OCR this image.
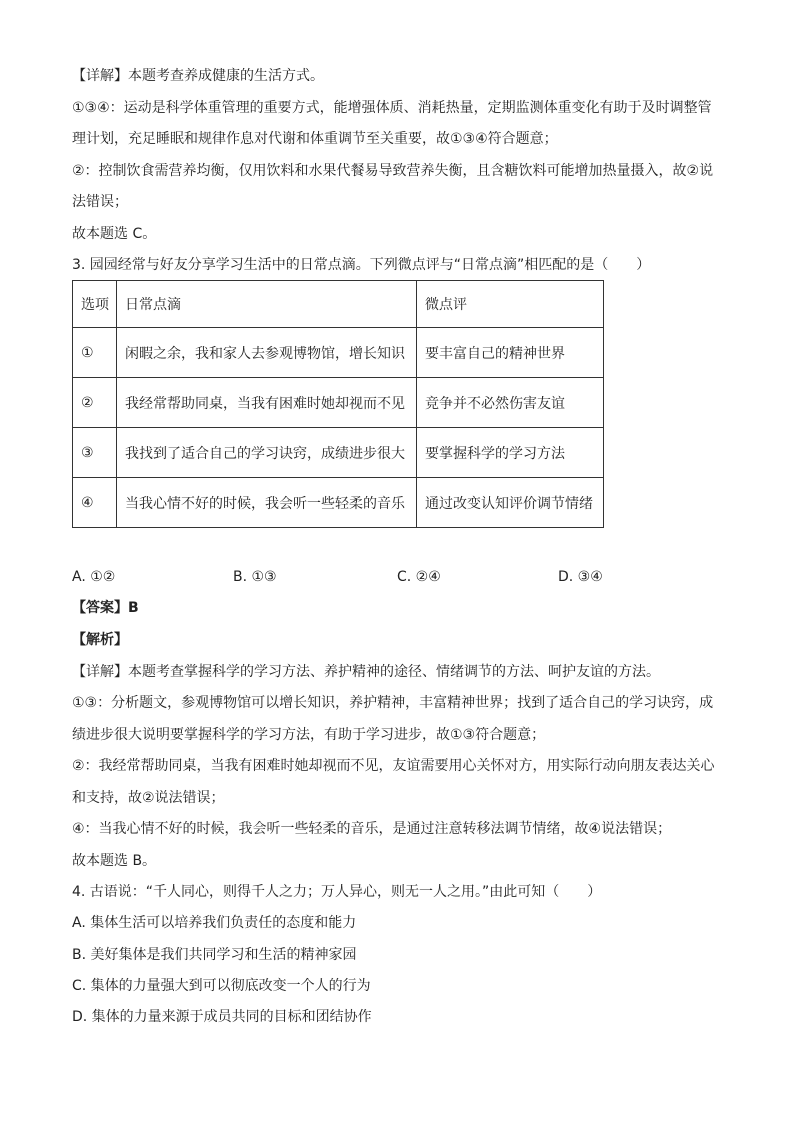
【详解】本题考查养成健康的生活方式。
①③④：运动是科学体重管理的重要方式，能增强体质、消耗热量，定期监测体重变化有助于及时调整管
理计划，充足睡眠和规律作息对代谢和体重调节至关重要，故①③④符合题意；
②：控制饮食需营养均衡，仅用饮料和水果代餐易导致营养失衡，且含糖饮料可能增加热量摄入，故②说
法错误；
故本题选 C。
3. 园园经常与好友分享学习生活中的日常点滴。下列微点评与“日常点滴”相匹配的是（　　）
选项	日常点滴	微点评
①	闲暇之余，我和家人去参观博物馆，增长知识	要丰富自己的精神世界
②	我经常帮助同桌，当我有困难时她却视而不见	竞争并不必然伤害友谊
③	我找到了适合自己的学习诀窍，成绩进步很大	要掌握科学的学习方法
④	当我心情不好的时候，我会听一些轻柔的音乐	通过改变认知评价调节情绪
A. ①②	B. ①③	C. ②④	D. ③④
【答案】B
【解析】
【详解】本题考查掌握科学的学习方法、养护精神的途径、情绪调节的方法、呵护友谊的方法。
①③：分析题文，参观博物馆可以增长知识，养护精神，丰富精神世界；找到了适合自己的学习诀窍，成
绩进步很大说明要掌握科学的学习方法，有助于学习进步，故①③符合题意；
②：我经常帮助同桌，当我有困难时她却视而不见，友谊需要用心关怀对方，用实际行动向朋友表达关心
和支持，故②说法错误；
④：当我心情不好的时候，我会听一些轻柔的音乐，是通过注意转移法调节情绪，故④说法错误；
故本题选 B。
4. 古语说：“千人同心，则得千人之力；万人异心，则无一人之用。”由此可知（　　）
A. 集体生活可以培养我们负责任的态度和能力
B. 美好集体是我们共同学习和生活的精神家园
C. 集体的力量强大到可以彻底改变一个人的行为
D. 集体的力量来源于成员共同的目标和团结协作
